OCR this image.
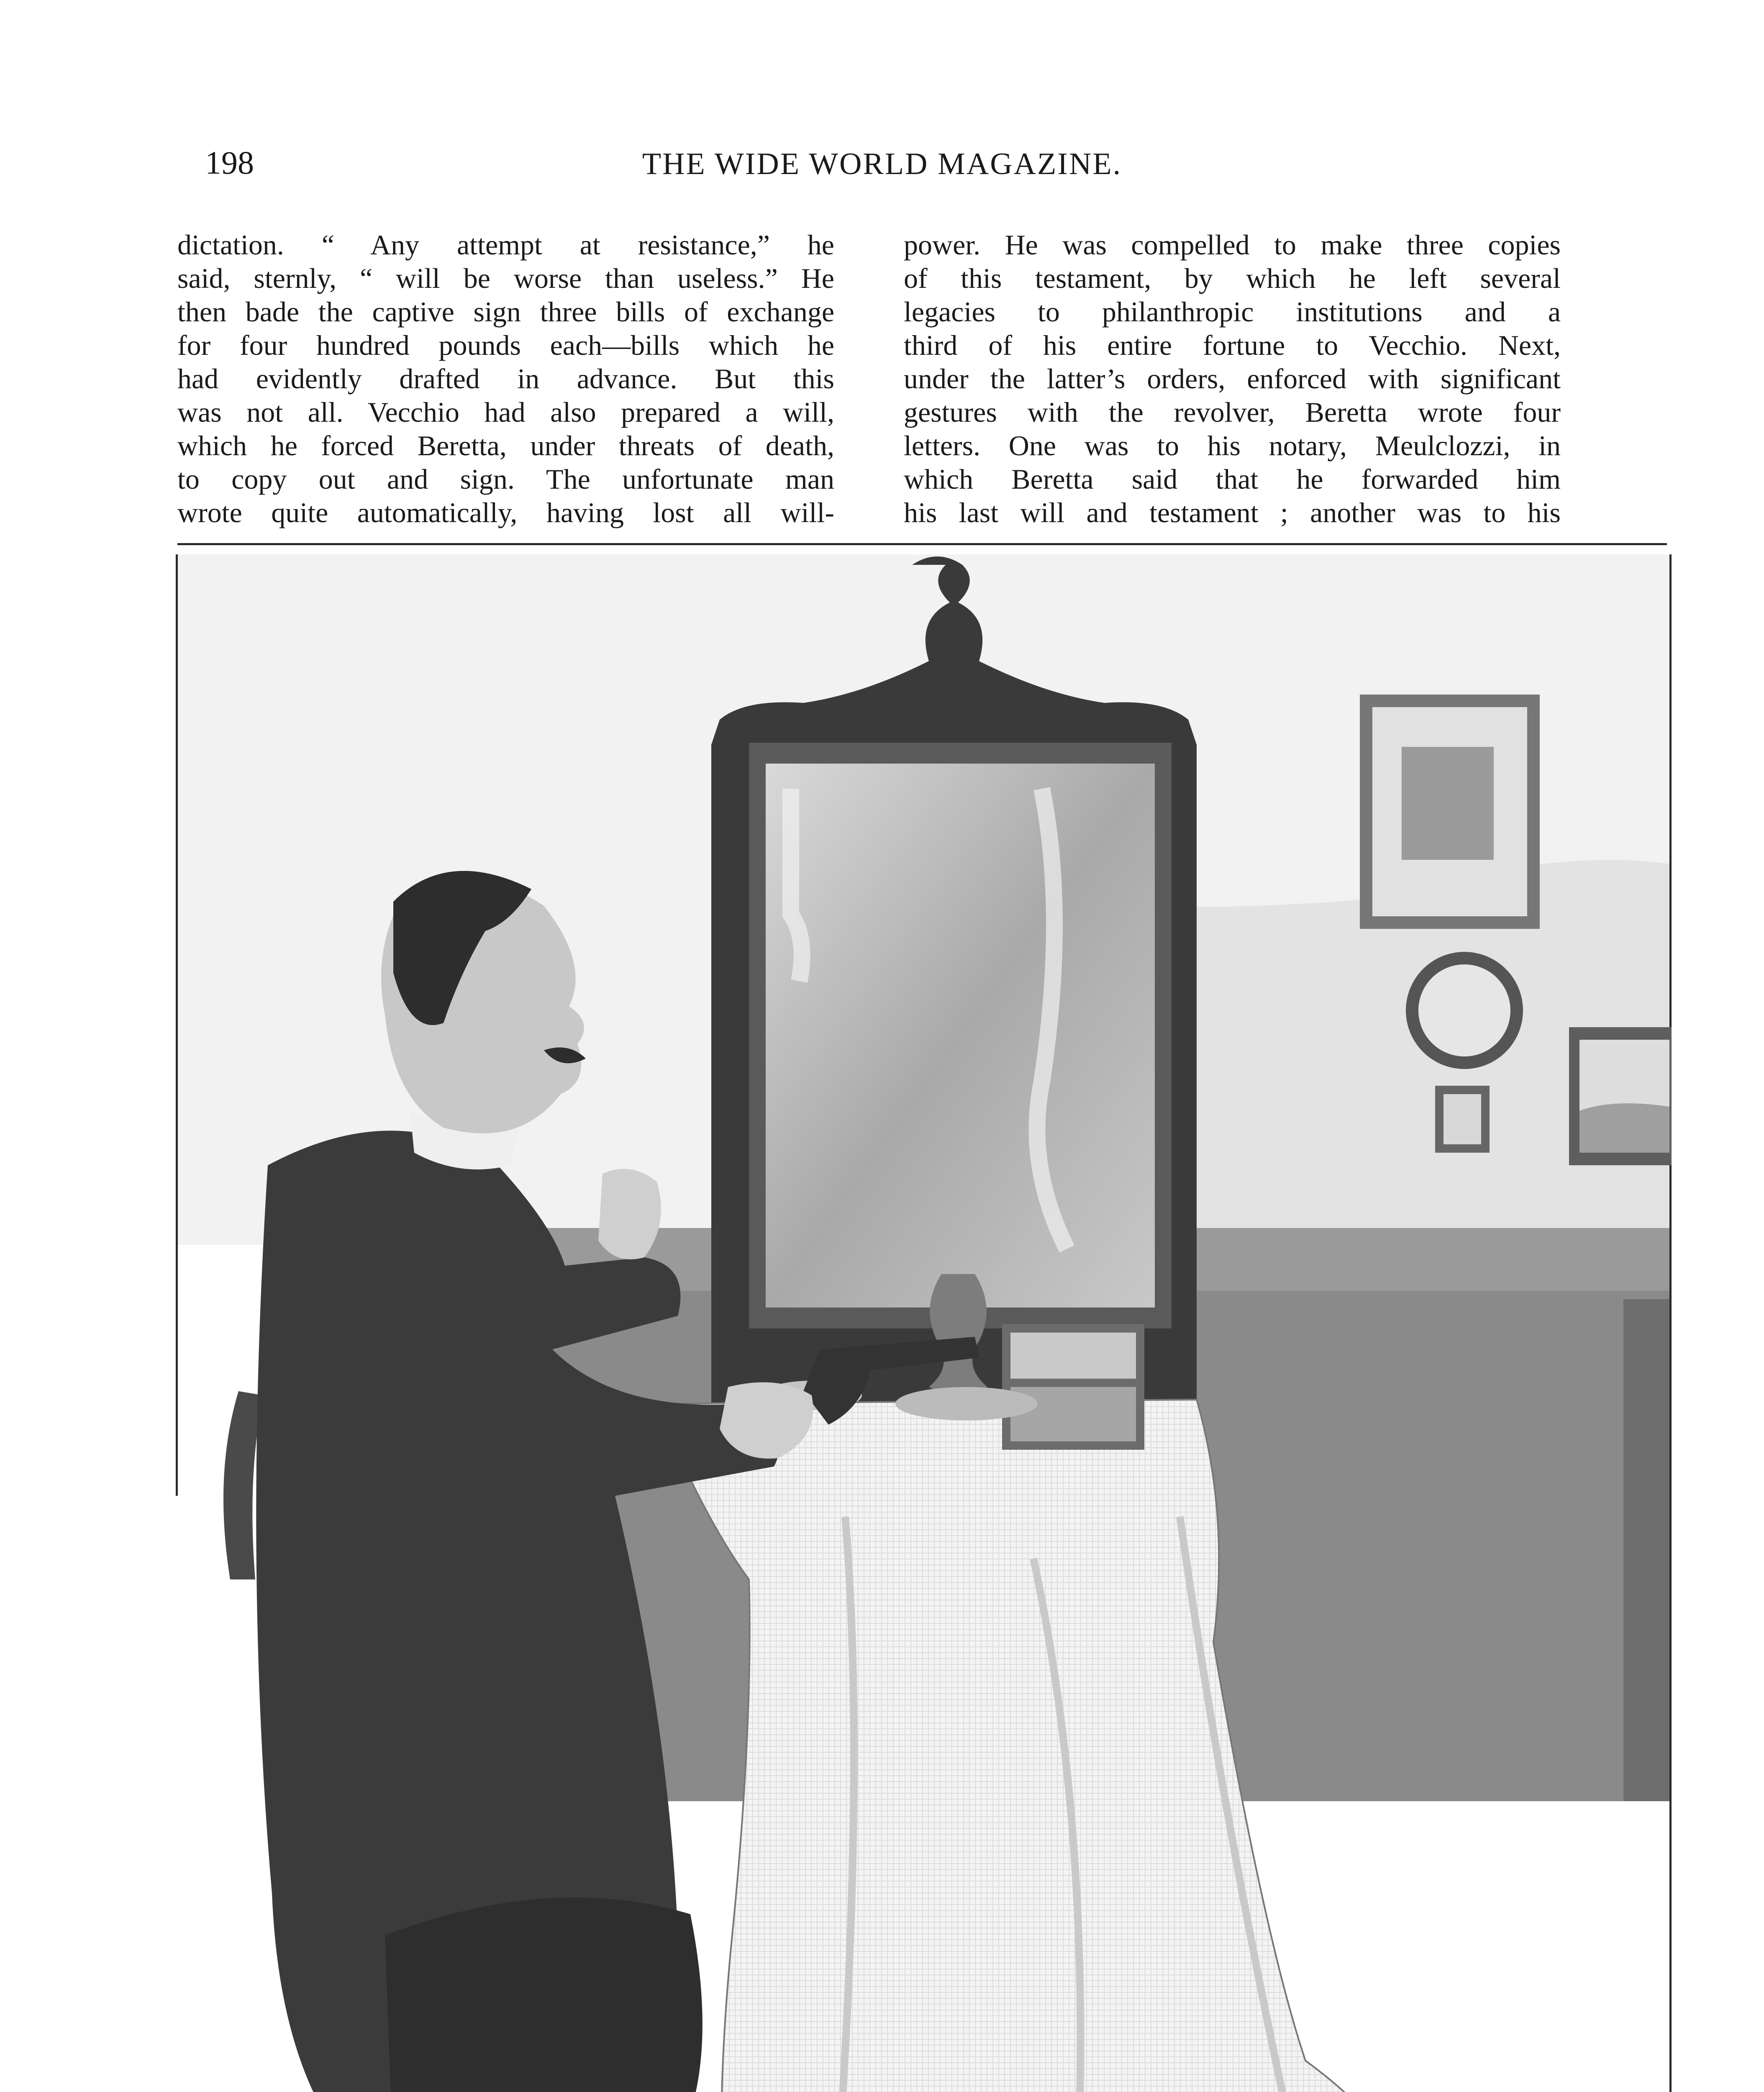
198	THE WIDE WORLD MAGAZINE.
dictation. “ Any attempt at resistance,” he
said, sternly, “ will be worse than useless.” He
then bade the captive sign three bills of exchange
for four hundred pounds each—bills which he
had evidently drafted in advance. But this
was not all. Vecchio had also prepared a will,
which he forced Beretta, under threats of death,
to copy out and sign. The unfortunate man
wrote quite automatically, having lost all will-
power. He was compelled to make three copies
of this testament, by which he left several
legacies to philanthropic institutions and a
third of his entire fortune to Vecchio. Next,
under the latter’s orders, enforced with significant
gestures with the revolver, Beretta wrote four
letters. One was to his notary, Meulclozzi, in
which Beretta said that he forwarded him
his last will and testament ; another was to his
